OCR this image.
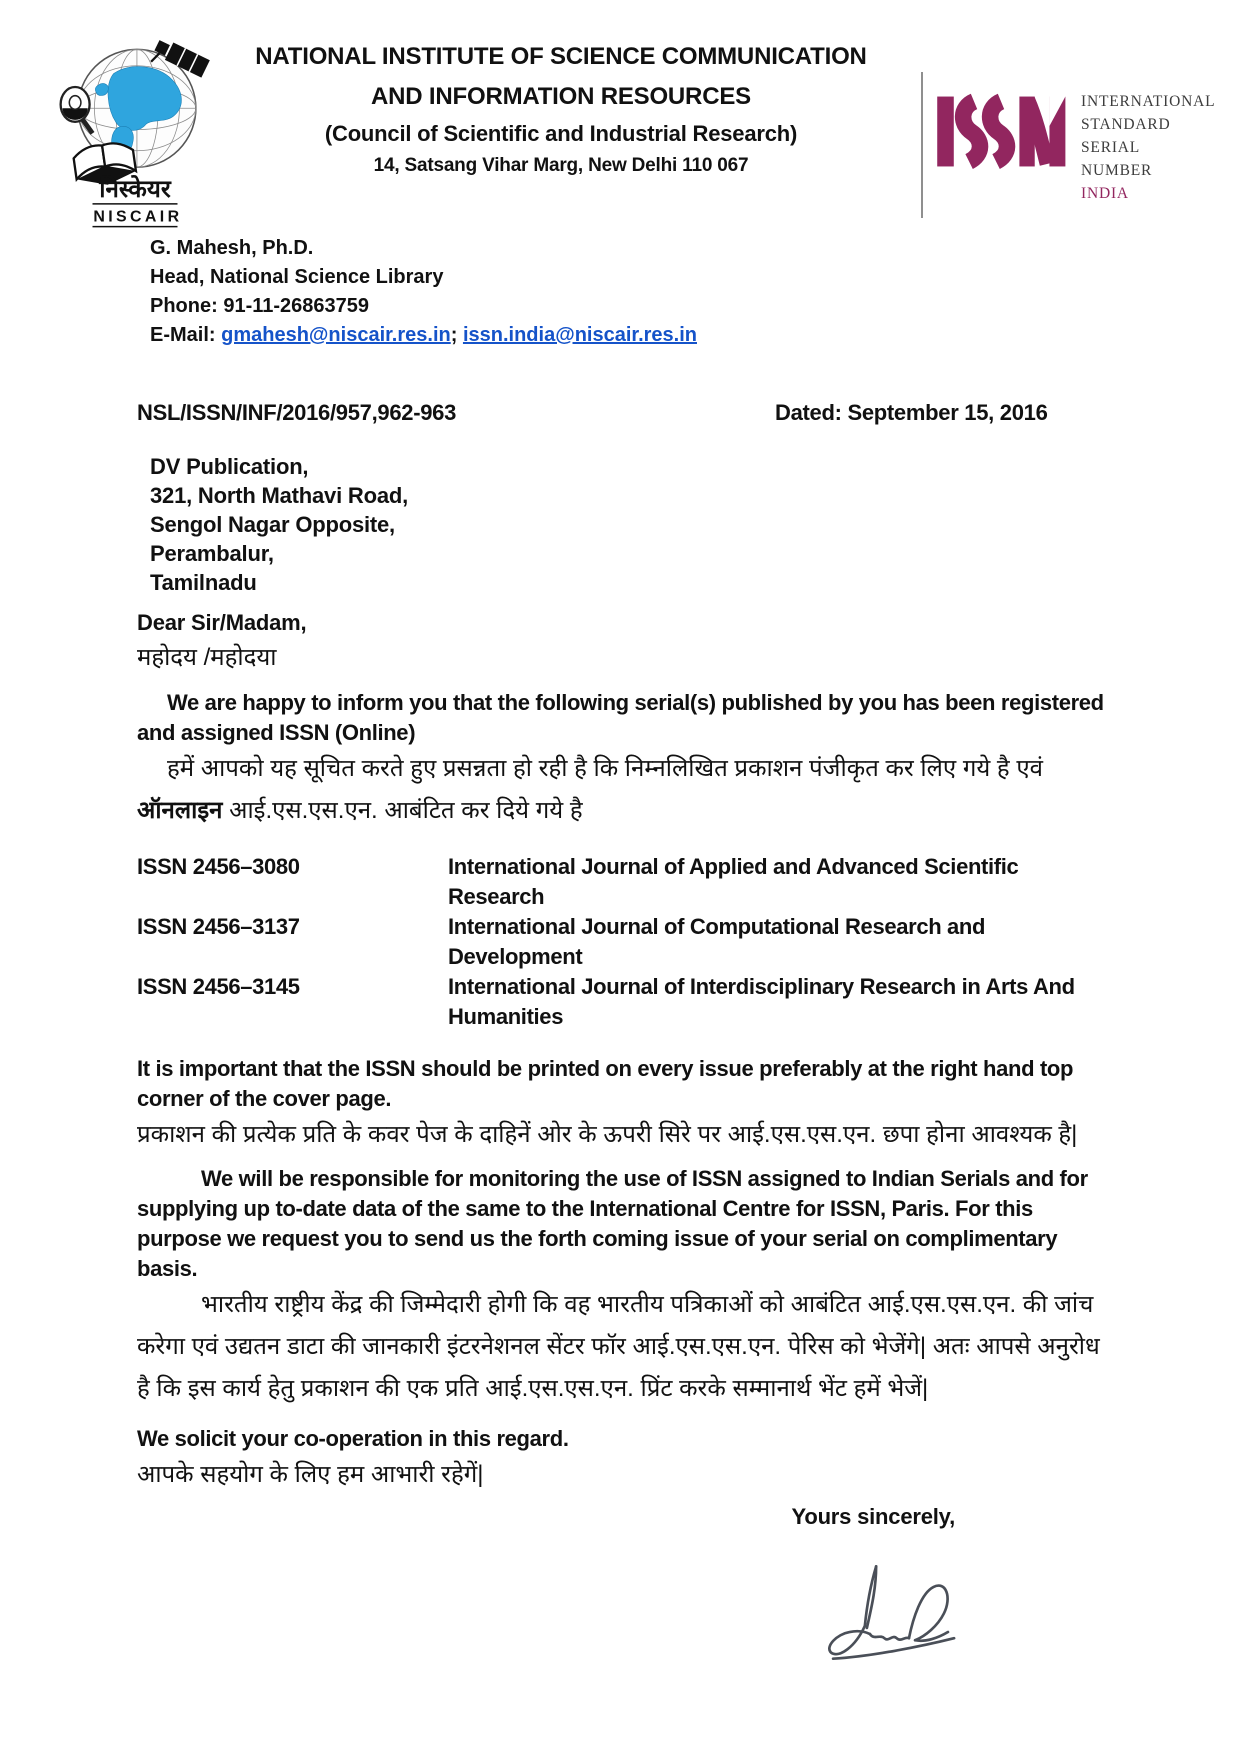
निस्केयर
NISCAIR
NATIONAL INSTITUTE OF SCIENCE COMMUNICATION
AND INFORMATION RESOURCES
(Council of Scientific and Industrial Research)
14, Satsang Vihar Marg, New Delhi 110 067
INTERNATIONAL
STANDARD
SERIAL
NUMBER
INDIA
G. Mahesh, Ph.D.
Head, National Science Library
Phone: 91-11-26863759
E-Mail: gmahesh@niscair.res.in; issn.india@niscair.res.in
NSL/ISSN/INF/2016/957,962-963	Dated: September 15, 2016
DV Publication,
321, North Mathavi Road,
Sengol Nagar Opposite,
Perambalur,
Tamilnadu
Dear Sir/Madam,
महोदय /महोदया

We are happy to inform you that the following serial(s) published by you has been registered and assigned ISSN (Online)

हमें आपको यह सूचित करते हुए प्रसन्नता हो रही है कि निम्नलिखित प्रकाशन पंजीकृत कर लिए गये है एवं ऑनलाइन आई.एस.एस.एन. आबंटित कर दिये गये है

ISSN 2456–3080	International Journal of Applied and Advanced Scientific Research
ISSN 2456–3137	International Journal of Computational Research and Development
ISSN 2456–3145	International Journal of Interdisciplinary Research in Arts And Humanities

It is important that the ISSN should be printed on every issue preferably at the right hand top corner of the cover page.

प्रकाशन की प्रत्येक प्रति के कवर पेज के दाहिनें ओर के ऊपरी सिरे पर आई.एस.एस.एन. छपा होना आवश्यक है|

We will be responsible for monitoring the use of ISSN assigned to Indian Serials and for supplying up to-date data of the same to the International Centre for ISSN, Paris. For this purpose we request you to send us the forth coming issue of your serial on complimentary basis.

भारतीय राष्ट्रीय केंद्र की जिम्मेदारी होगी कि वह भारतीय पत्रिकाओं को आबंटित आई.एस.एस.एन. की जांच करेगा एवं उद्यतन डाटा की जानकारी इंटरनेशनल सेंटर फॉर आई.एस.एस.एन. पेरिस को भेजेंगे| अतः आपसे अनुरोध है कि इस कार्य हेतु प्रकाशन की एक प्रति आई.एस.एस.एन. प्रिंट करके सम्मानार्थ भेंट हमें भेजें|

We solicit your co-operation in this regard.

आपके सहयोग के लिए हम आभारी रहेगें|

Yours sincerely,
